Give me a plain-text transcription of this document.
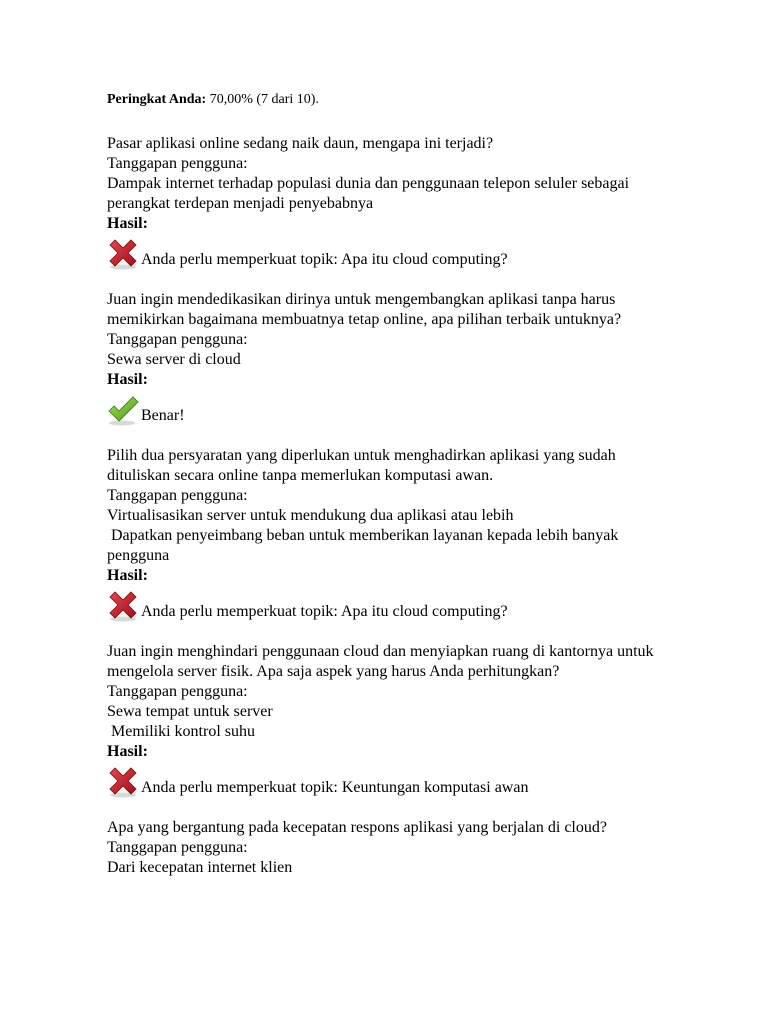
Peringkat Anda: 70,00% (7 dari 10).

Pasar aplikasi online sedang naik daun, mengapa ini terjadi?
Tanggapan pengguna:
Dampak internet terhadap populasi dunia dan penggunaan telepon seluler sebagai perangkat terdepan menjadi penyebabnya
Hasil:
Anda perlu memperkuat topik: Apa itu cloud computing?
Juan ingin mendedikasikan dirinya untuk mengembangkan aplikasi tanpa harus memikirkan bagaimana membuatnya tetap online, apa pilihan terbaik untuknya?
Tanggapan pengguna:
Sewa server di cloud
Hasil:
Benar!
Pilih dua persyaratan yang diperlukan untuk menghadirkan aplikasi yang sudah dituliskan secara online tanpa memerlukan komputasi awan.
Tanggapan pengguna:
Virtualisasikan server untuk mendukung dua aplikasi atau lebih
Dapatkan penyeimbang beban untuk memberikan layanan kepada lebih banyak pengguna
Hasil:
Anda perlu memperkuat topik: Apa itu cloud computing?
Juan ingin menghindari penggunaan cloud dan menyiapkan ruang di kantornya untuk mengelola server fisik. Apa saja aspek yang harus Anda perhitungkan?
Tanggapan pengguna:
Sewa tempat untuk server
Memiliki kontrol suhu
Hasil:
Anda perlu memperkuat topik: Keuntungan komputasi awan
Apa yang bergantung pada kecepatan respons aplikasi yang berjalan di cloud?
Tanggapan pengguna:
Dari kecepatan internet klien
